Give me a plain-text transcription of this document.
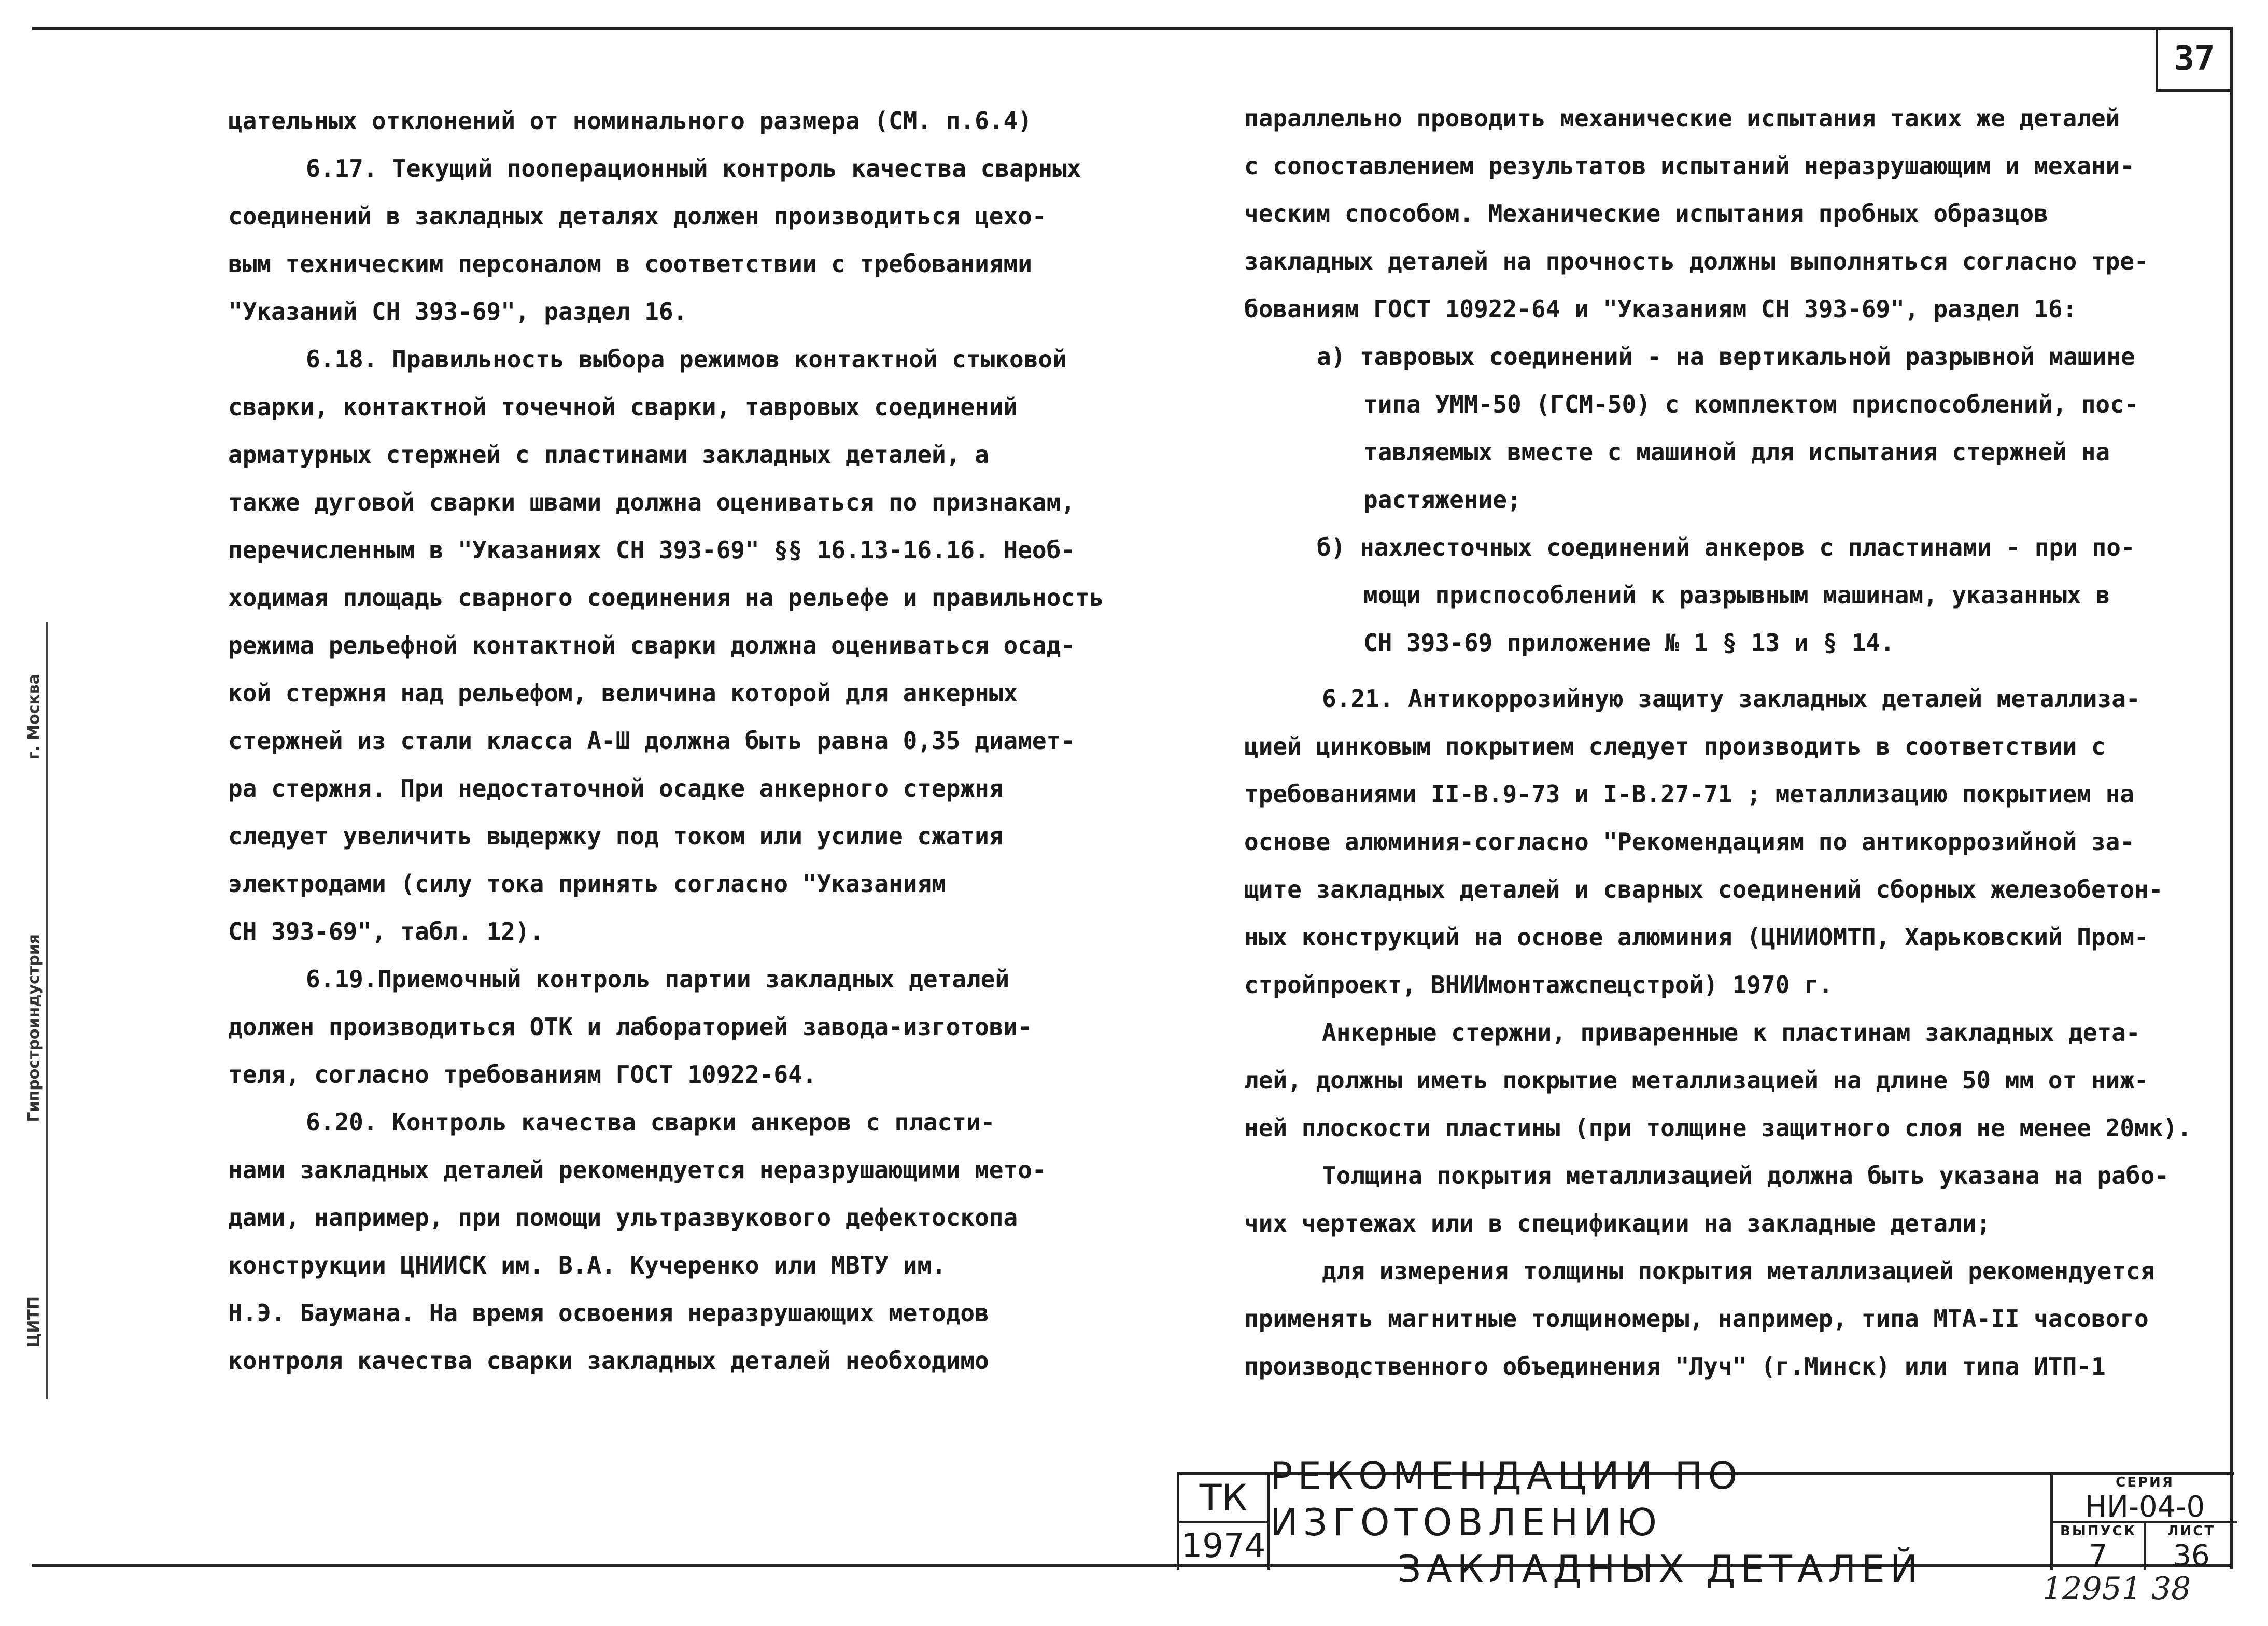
37
г. Москва
Гипростроиндустрия
ЦИТП
цательных отклонений от номинального размера (СМ. п.6.4)
6.17. Текущий пооперационный контроль качества сварных
соединений в закладных деталях должен производиться цехо-
вым техническим персоналом в соответствии с требованиями
"Указаний СН 393-69", раздел 16.
6.18. Правильность выбора режимов контактной стыковой
сварки, контактной точечной сварки, тавровых соединений
арматурных стержней с пластинами закладных деталей, а
также дуговой сварки швами должна оцениваться по признакам,
перечисленным в "Указаниях СН 393-69" §§ 16.13-16.16. Необ-
ходимая площадь сварного соединения на рельефе и правильность
режима рельефной контактной сварки должна оцениваться осад-
кой стержня над рельефом, величина которой для анкерных
стержней из стали класса А-Ш должна быть равна 0,35 диамет-
ра стержня. При недостаточной осадке анкерного стержня
следует увеличить выдержку под током или усилие сжатия
электродами (силу тока принять согласно "Указаниям
СН 393-69", табл. 12).
6.19.Приемочный контроль партии закладных деталей
должен производиться ОТК и лабораторией завода-изготови-
теля, согласно требованиям ГОСТ 10922-64.
6.20. Контроль качества сварки анкеров с пласти-
нами закладных деталей рекомендуется неразрушающими мето-
дами, например, при помощи ультразвукового дефектоскопа
конструкции ЦНИИСК им. В.А. Кучеренко или МВТУ им.
Н.Э. Баумана. На время освоения неразрушающих методов
контроля качества сварки закладных деталей необходимо
параллельно проводить механические испытания таких же деталей
с сопоставлением результатов испытаний неразрушающим и механи-
ческим способом. Механические испытания пробных образцов
закладных деталей на прочность должны выполняться согласно тре-
бованиям ГОСТ 10922-64 и "Указаниям СН 393-69", раздел 16:
а) тавровых соединений - на вертикальной разрывной машине
типа УММ-50 (ГСМ-50) с комплектом приспособлений, пос-
тавляемых вместе с машиной для испытания стержней на
растяжение;
б) нахлесточных соединений анкеров с пластинами - при по-
мощи приспособлений к разрывным машинам, указанных в
СН 393-69 приложение № 1 § 13 и § 14.
6.21. Антикоррозийную защиту закладных деталей металлиза-
цией цинковым покрытием следует производить в соответствии с
требованиями II-В.9-73 и I-В.27-71 ; металлизацию покрытием на
основе алюминия-согласно "Рекомендациям по антикоррозийной за-
щите закладных деталей и сварных соединений сборных железобетон-
ных конструкций на основе алюминия (ЦНИИОМТП, Харьковский Пром-
стройпроект, ВНИИмонтажспецстрой) 1970 г.
Анкерные стержни, приваренные к пластинам закладных дета-
лей, должны иметь покрытие металлизацией на длине 50 мм от ниж-
ней плоскости пластины (при толщине защитного слоя не менее 20мк).
Толщина покрытия металлизацией должна быть указана на рабо-
чих чертежах или в спецификации на закладные детали;
для измерения толщины покрытия металлизацией рекомендуется
применять магнитные толщиномеры, например, типа МТА-II часового
производственного объединения "Луч" (г.Минск) или типа ИТП-1
ТК
1974
РЕКОМЕНДАЦИИ ПО ИЗГОТОВЛЕНИЮ
ЗАКЛАДНЫХ ДЕТАЛЕЙ
СЕРИЯ
НИ-04-0
ВЫПУСК
7
ЛИСТ
36
12951 38
